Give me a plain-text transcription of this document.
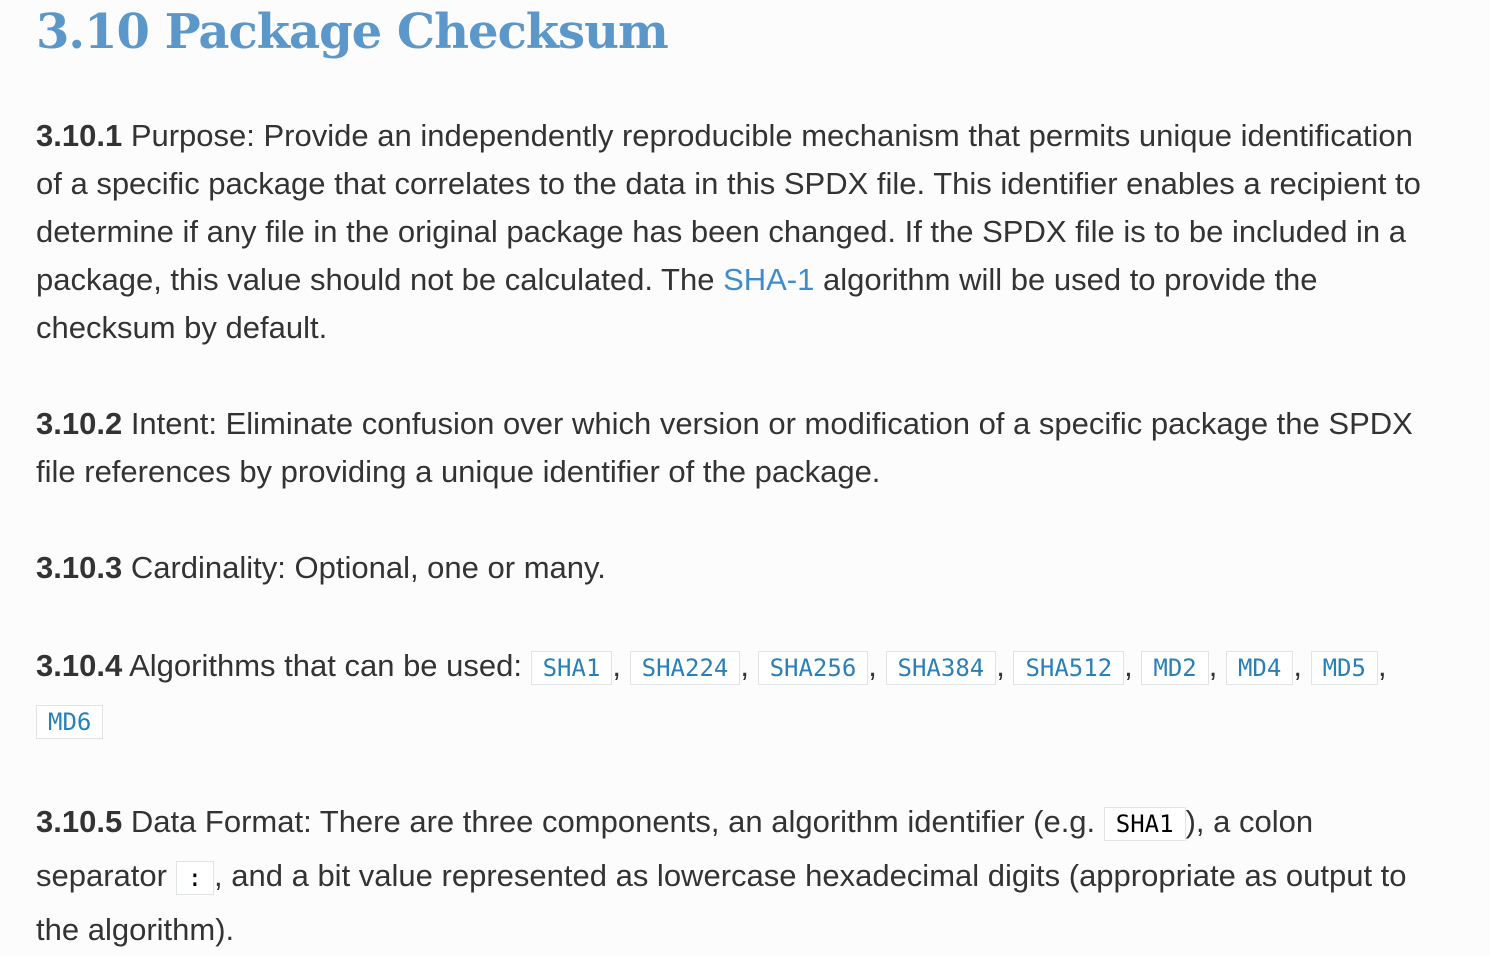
3.10 Package Checksum

3.10.1 Purpose: Provide an independently reproducible mechanism that permits unique identification of a specific package that correlates to the data in this SPDX file. This identifier enables a recipient to determine if any file in the original package has been changed. If the SPDX file is to be included in a package, this value should not be calculated. The SHA-1 algorithm will be used to provide the checksum by default.

3.10.2 Intent: Eliminate confusion over which version or modification of a specific package the SPDX file references by providing a unique identifier of the package.

3.10.3 Cardinality: Optional, one or many.

3.10.4 Algorithms that can be used: SHA1 , SHA224 , SHA256 , SHA384 , SHA512 , MD2 , MD4 , MD5 , MD6

3.10.5 Data Format: There are three components, an algorithm identifier (e.g. SHA1 ), a colon separator : , and a bit value represented as lowercase hexadecimal digits (appropriate as output to the algorithm).
